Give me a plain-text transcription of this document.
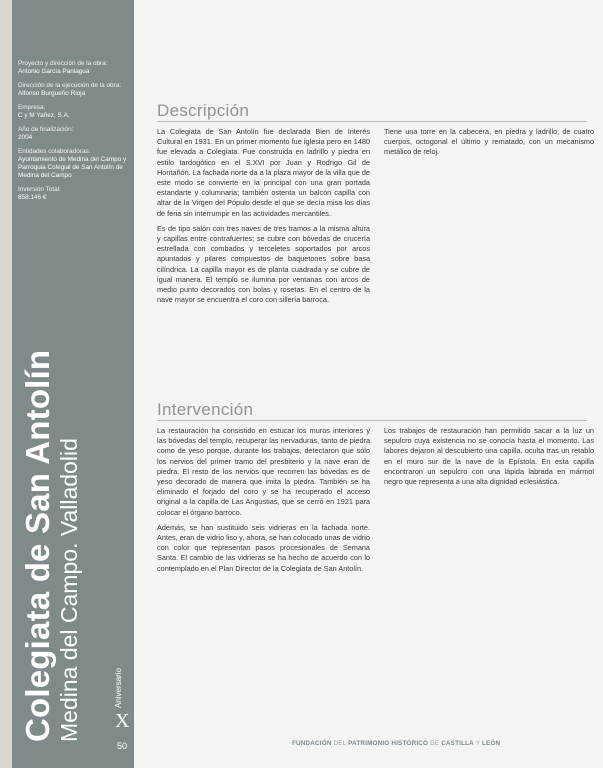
Proyecto y dirección de la obra:
Antonio García Paniagua
Dirección de la ejecución de la obra:
Alfonso Burgueño Rioja
Empresa:
C y M Yañez, S.A.
Año de finalización:
2004
Entidades colaboradoras:
Ayuntamiento de Medina del Campo y Parroquia Colegial de San Antolín de Medina del Campo
Inversión Total:
858.146 €
Colegiata de San Antolín Medina del Campo. Valladolid	Aniversario
X
50
Descripción

La Colegiata de San Antolín fue declarada Bien de Interés Cultural en 1931. En un primer momento fue iglesia pero en 1480 fue elevada a Colegiata. Fue construida en ladrillo y piedra en estilo tardogótico en el S.XVI por Juan y Rodrigo Gil de Hontañón. La fachada norte da a la plaza mayor de la villa que de este modo se convierte en la principal con una gran portada estandarte y columnaria; también ostenta un balcón capilla con altar de la Virgen del Pópulo desde el que se decía misa los días de feria sin interrumpir en las actividades mercantiles.

Es de tipo salón con tres naves de tres tramos a la misma altura y capillas entre contrafuertes; se cubre con bóvedas de crucería estrellada con combados y terceletes soportados por arcos apuntados y pilares compuestos de baquetones sobre basa cilíndrica. La capilla mayor es de planta cuadrada y se cubre de igual manera. El templo se ilumina por ventanas con arcos de medio punto decorados con bolas y rosetas. En el centro de la nave mayor se encuentra el coro con sillería barroca.

Tiene una torre en la cabecera, en piedra y ladrillo; de cuatro cuerpos, octogonal el último y rematado, con un mecanismo metálico de reloj.

Intervención

La restauración ha consistido en estucar los muros interiores y las bóvedas del templo, recuperar las nervaduras, tanto de piedra como de yeso porque, durante los trabajos, detectaron que sólo los nervios del primer tramo del presbiterio y la nave eran de piedra. El resto de los nervios que recorren las bóvedas es de yeso decorado de manera que imita la piedra. También se ha eliminado el forjado del coro y se ha recuperado el acceso original a la capilla de Las Angustias, que se cerró en 1921 para colocar el órgano barroco.

Además, se han sustituido seis vidrieras en la fachada norte. Antes, eran de vidrio liso y, ahora, se han colocado unas de vidrio con color que representan pasos procesionales de Semana Santa. El cambio de las vidrieras se ha hecho de acuerdo con lo contemplado en el Plan Director de la Colegiata de San Antolín.

Los trabajos de restauración han permitido sacar a la luz un sepulcro cuya existencia no se conocía hasta el momento. Las labores dejaron al descubierto una capilla, oculta tras un retablo en el muro sur de la nave de la Epístola. En esta capilla encontraron un sepulcro con una lápida labrada en mármol negro que representa a una alta dignidad eclesiástica.

FUNDACIÓN DEL PATRIMONIO HISTÓRICO DE CASTILLA Y LEÓN
